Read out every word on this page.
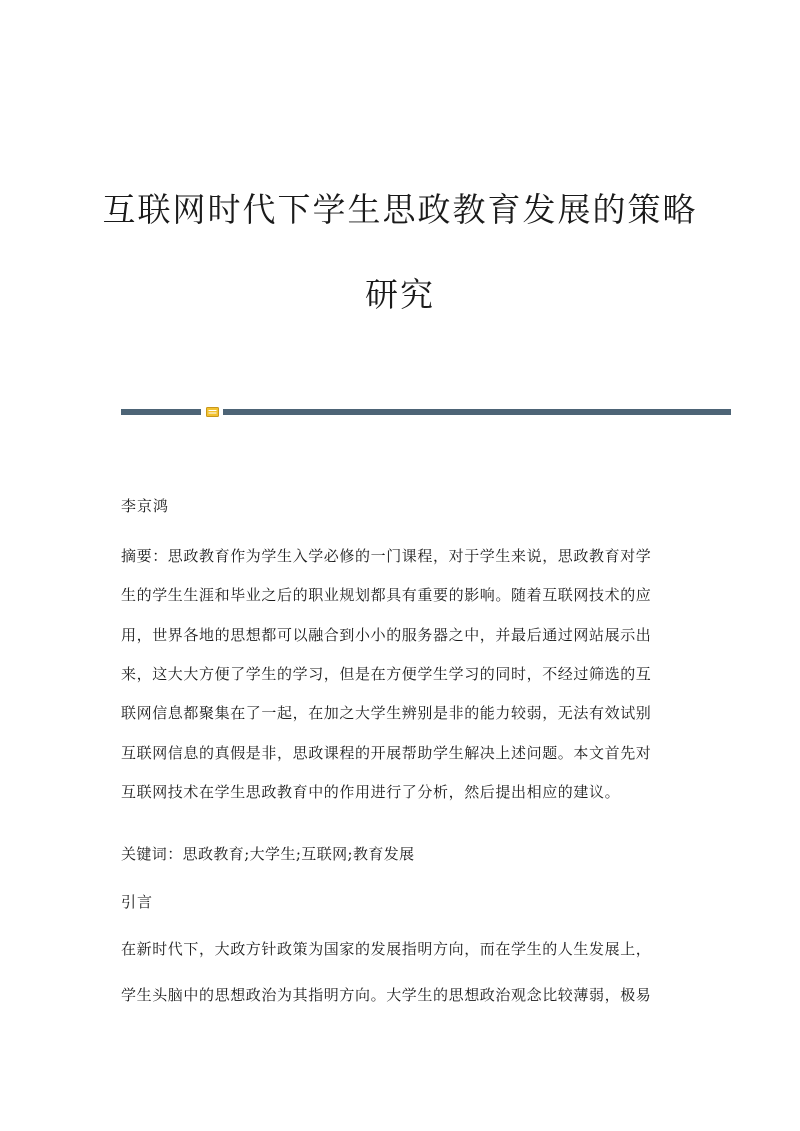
互联网时代下学生思政教育发展的策略
研究

李京鸿

摘要：思政教育作为学生入学必修的一门课程，对于学生来说，思政教育对学

生的学生生涯和毕业之后的职业规划都具有重要的影响。随着互联网技术的应

用，世界各地的思想都可以融合到小小的服务器之中，并最后通过网站展示出

来，这大大方便了学生的学习，但是在方便学生学习的同时，不经过筛选的互

联网信息都聚集在了一起，在加之大学生辨别是非的能力较弱，无法有效试别

互联网信息的真假是非，思政课程的开展帮助学生解决上述问题。本文首先对

互联网技术在学生思政教育中的作用进行了分析，然后提出相应的建议。

关键词：思政教育;大学生;互联网;教育发展

引言

在新时代下，大政方针政策为国家的发展指明方向，而在学生的人生发展上，

学生头脑中的思想政治为其指明方向。大学生的思想政治观念比较薄弱，极易
